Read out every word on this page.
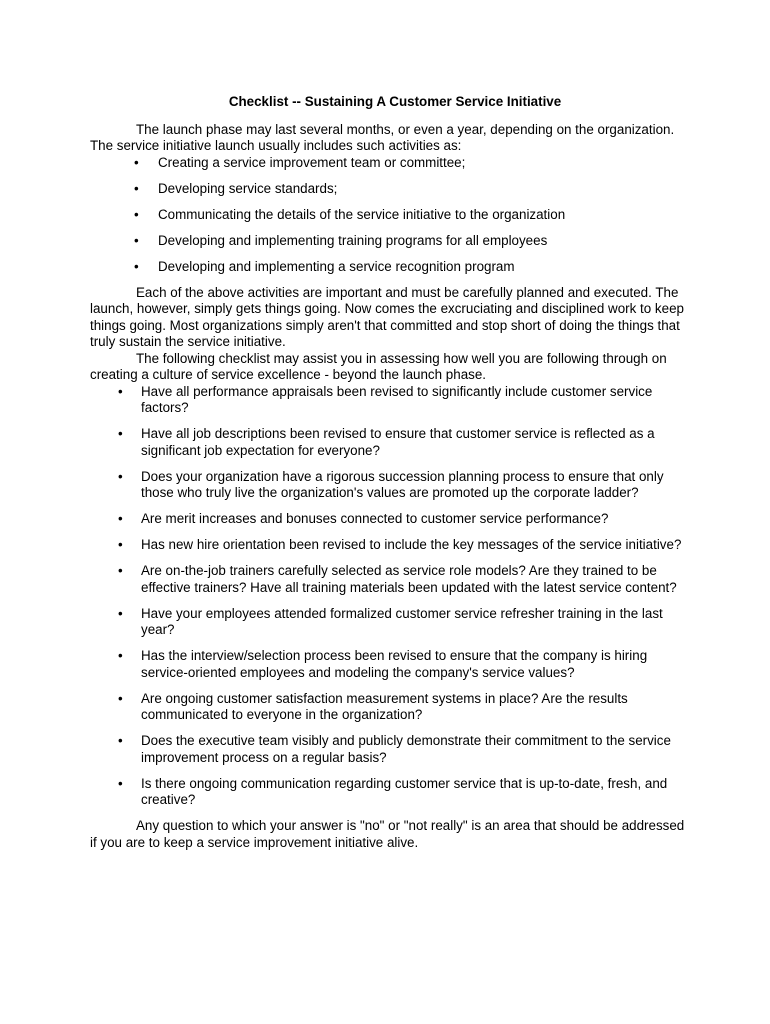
Checklist -- Sustaining A Customer Service Initiative

The launch phase may last several months, or even a year, depending on the organization. The service initiative launch usually includes such activities as:

• Creating a service improvement team or committee;
• Developing service standards;
• Communicating the details of the service initiative to the organization
• Developing and implementing training programs for all employees
• Developing and implementing a service recognition program

Each of the above activities are important and must be carefully planned and executed. The launch, however, simply gets things going. Now comes the excruciating and disciplined work to keep things going. Most organizations simply aren't that committed and stop short of doing the things that truly sustain the service initiative.

The following checklist may assist you in assessing how well you are following through on creating a culture of service excellence - beyond the launch phase.

• Have all performance appraisals been revised to significantly include customer service factors?
• Have all job descriptions been revised to ensure that customer service is reflected as a significant job expectation for everyone?
• Does your organization have a rigorous succession planning process to ensure that only those who truly live the organization's values are promoted up the corporate ladder?
• Are merit increases and bonuses connected to customer service performance?
• Has new hire orientation been revised to include the key messages of the service initiative?
• Are on-the-job trainers carefully selected as service role models? Are they trained to be effective trainers? Have all training materials been updated with the latest service content?
• Have your employees attended formalized customer service refresher training in the last year?
• Has the interview/selection process been revised to ensure that the company is hiring service-oriented employees and modeling the company's service values?
• Are ongoing customer satisfaction measurement systems in place? Are the results communicated to everyone in the organization?
• Does the executive team visibly and publicly demonstrate their commitment to the service improvement process on a regular basis?
• Is there ongoing communication regarding customer service that is up-to-date, fresh, and creative?

Any question to which your answer is "no" or "not really" is an area that should be addressed if you are to keep a service improvement initiative alive.
